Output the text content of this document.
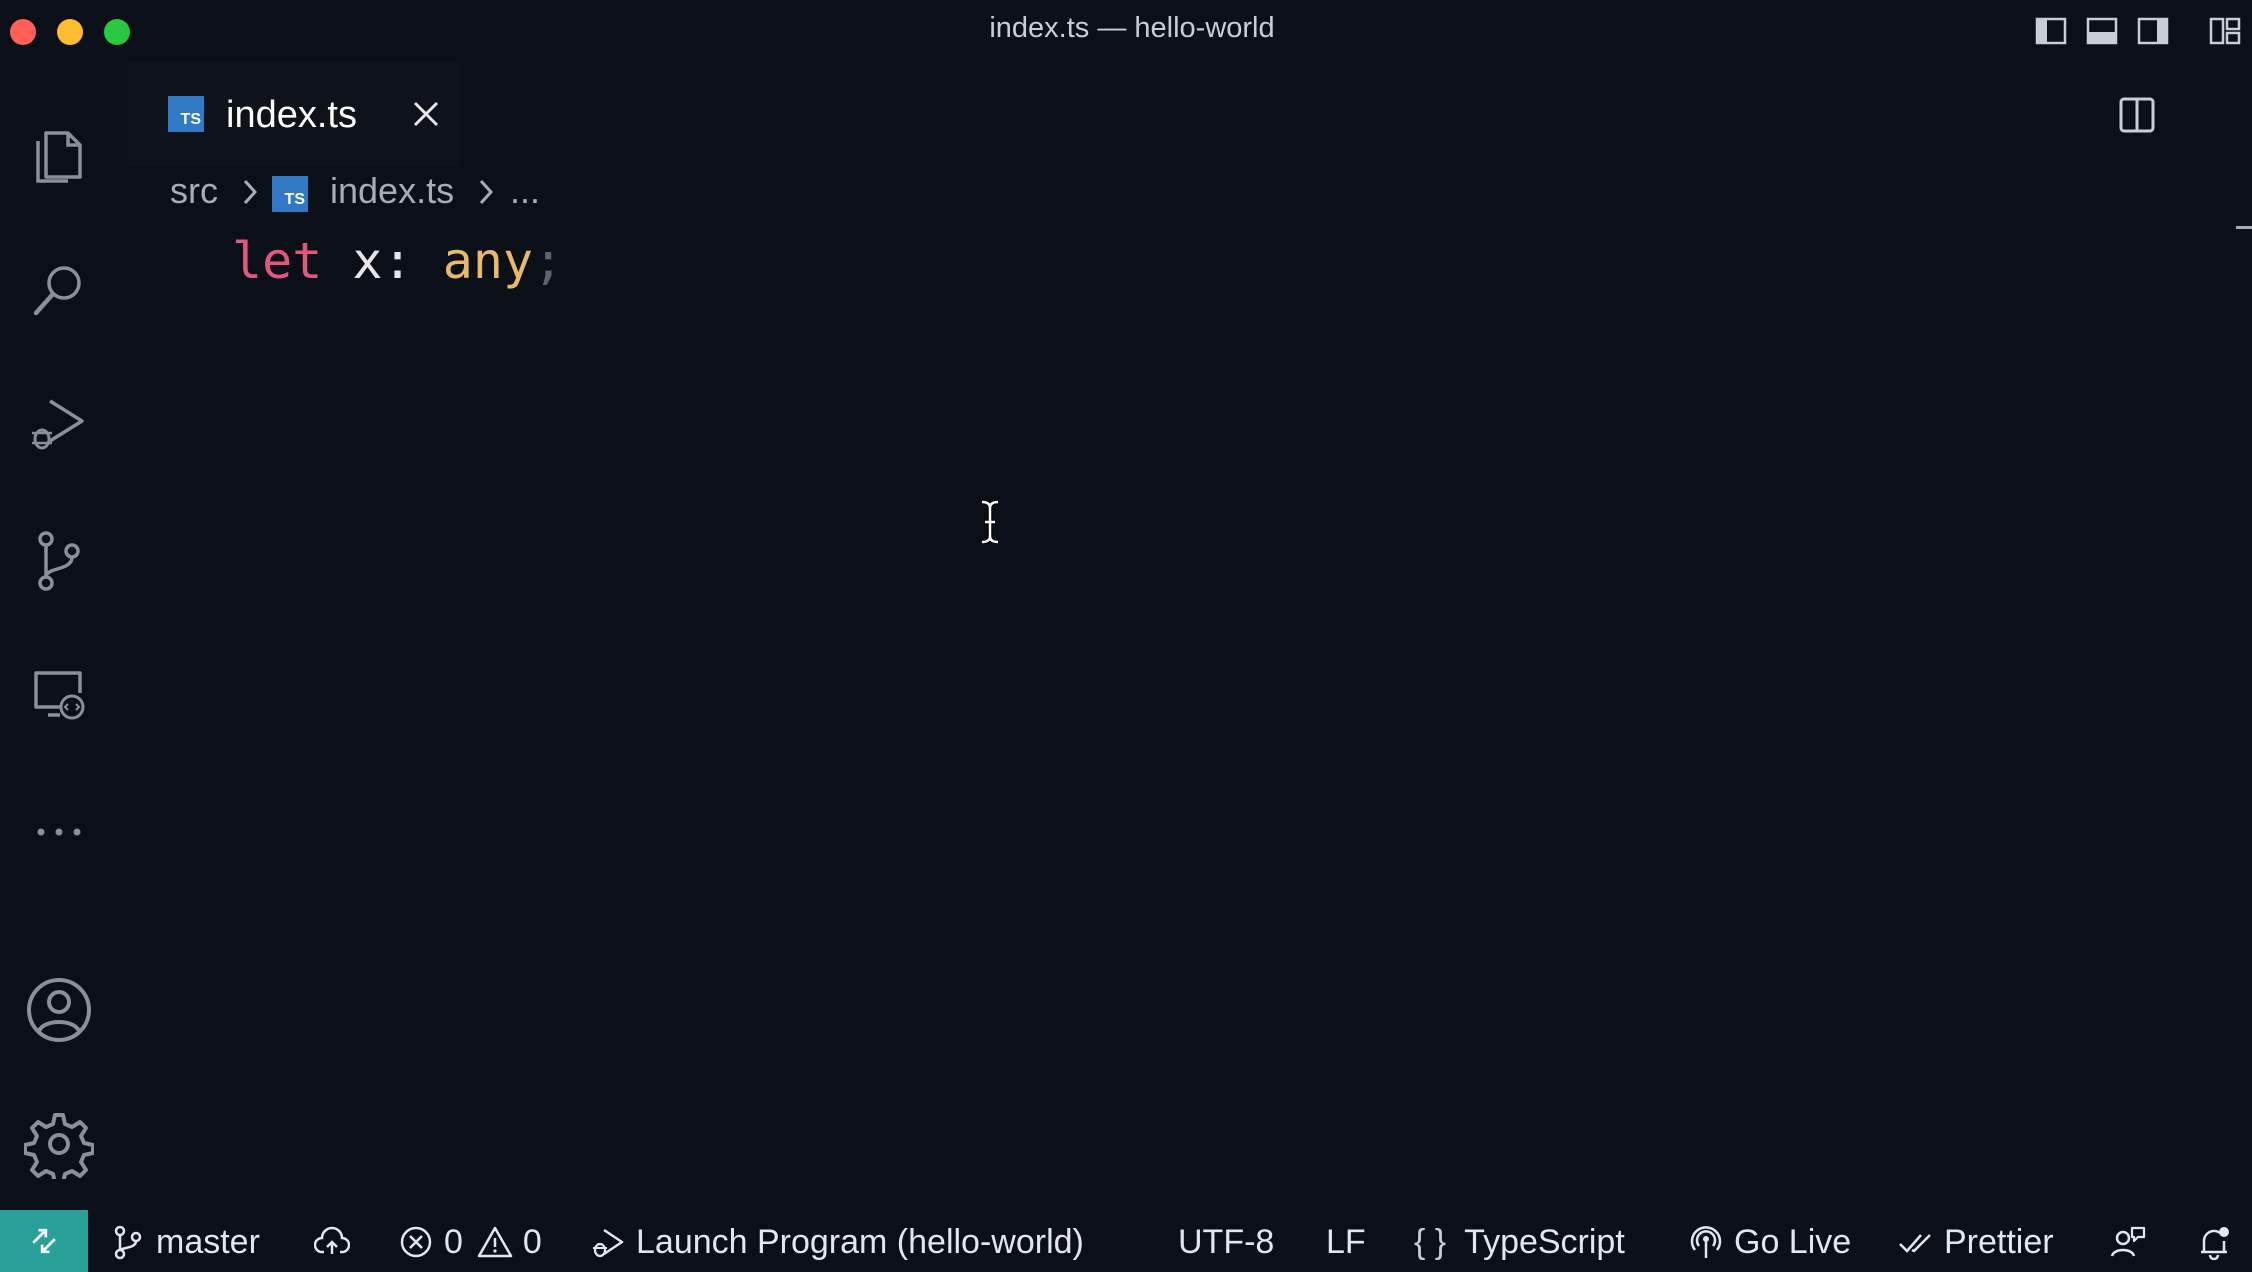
index.ts — hello-world
TS index.ts
src	TS index.ts ...
let x: any;
master	0 0	Launch Program (hello-world)	UTF-8 LF { } TypeScript	Go Live	Prettier
